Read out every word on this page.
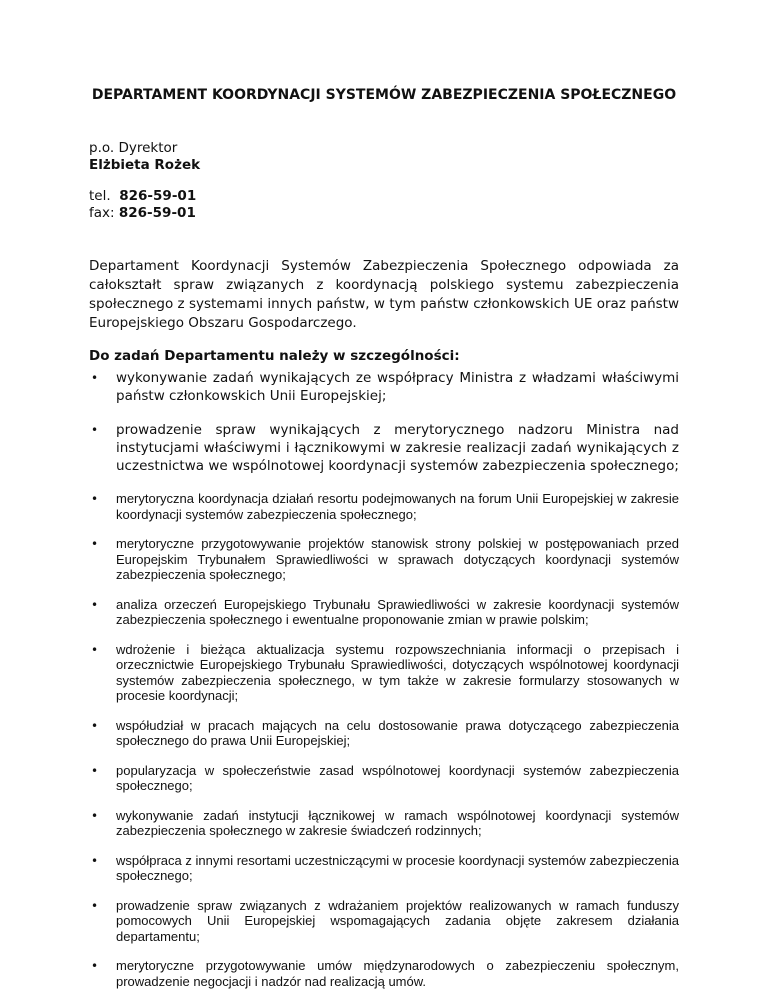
DEPARTAMENT KOORDYNACJI SYSTEMÓW ZABEZPIECZENIA SPOŁECZNEGO
p.o. Dyrektor
Elżbieta Rożek
tel. 826-59-01
fax: 826-59-01
Departament Koordynacji Systemów Zabezpieczenia Społecznego odpowiada za całokształt spraw związanych z koordynacją polskiego systemu zabezpieczenia społecznego z systemami innych państw, w tym państw członkowskich UE oraz państw Europejskiego Obszaru Gospodarczego.
Do zadań Departamentu należy w szczególności:
• wykonywanie zadań wynikających ze współpracy Ministra z władzami właściwymi państw członkowskich Unii Europejskiej;
• prowadzenie spraw wynikających z merytorycznego nadzoru Ministra nad instytucjami właściwymi i łącznikowymi w zakresie realizacji zadań wynikających z uczestnictwa we wspólnotowej koordynacji systemów zabezpieczenia społecznego;
• merytoryczna koordynacja działań resortu podejmowanych na forum Unii Europejskiej w zakresie koordynacji systemów zabezpieczenia społecznego;
• merytoryczne przygotowywanie projektów stanowisk strony polskiej w postępowaniach przed Europejskim Trybunałem Sprawiedliwości w sprawach dotyczących koordynacji systemów zabezpieczenia społecznego;
• analiza orzeczeń Europejskiego Trybunału Sprawiedliwości w zakresie koordynacji systemów zabezpieczenia społecznego i ewentualne proponowanie zmian w prawie polskim;
• wdrożenie i bieżąca aktualizacja systemu rozpowszechniania informacji o przepisach i orzecznictwie Europejskiego Trybunału Sprawiedliwości, dotyczących wspólnotowej koordynacji systemów zabezpieczenia społecznego, w tym także w zakresie formularzy stosowanych w procesie koordynacji;
• współudział w pracach mających na celu dostosowanie prawa dotyczącego zabezpieczenia społecznego do prawa Unii Europejskiej;
• popularyzacja w społeczeństwie zasad wspólnotowej koordynacji systemów zabezpieczenia społecznego;
• wykonywanie zadań instytucji łącznikowej w ramach wspólnotowej koordynacji systemów zabezpieczenia społecznego w zakresie świadczeń rodzinnych;
• współpraca z innymi resortami uczestniczącymi w procesie koordynacji systemów zabezpieczenia społecznego;
• prowadzenie spraw związanych z wdrażaniem projektów realizowanych w ramach funduszy pomocowych Unii Europejskiej wspomagających zadania objęte zakresem działania departamentu;
• merytoryczne przygotowywanie umów międzynarodowych o zabezpieczeniu społecznym, prowadzenie negocjacji i nadzór nad realizacją umów.
